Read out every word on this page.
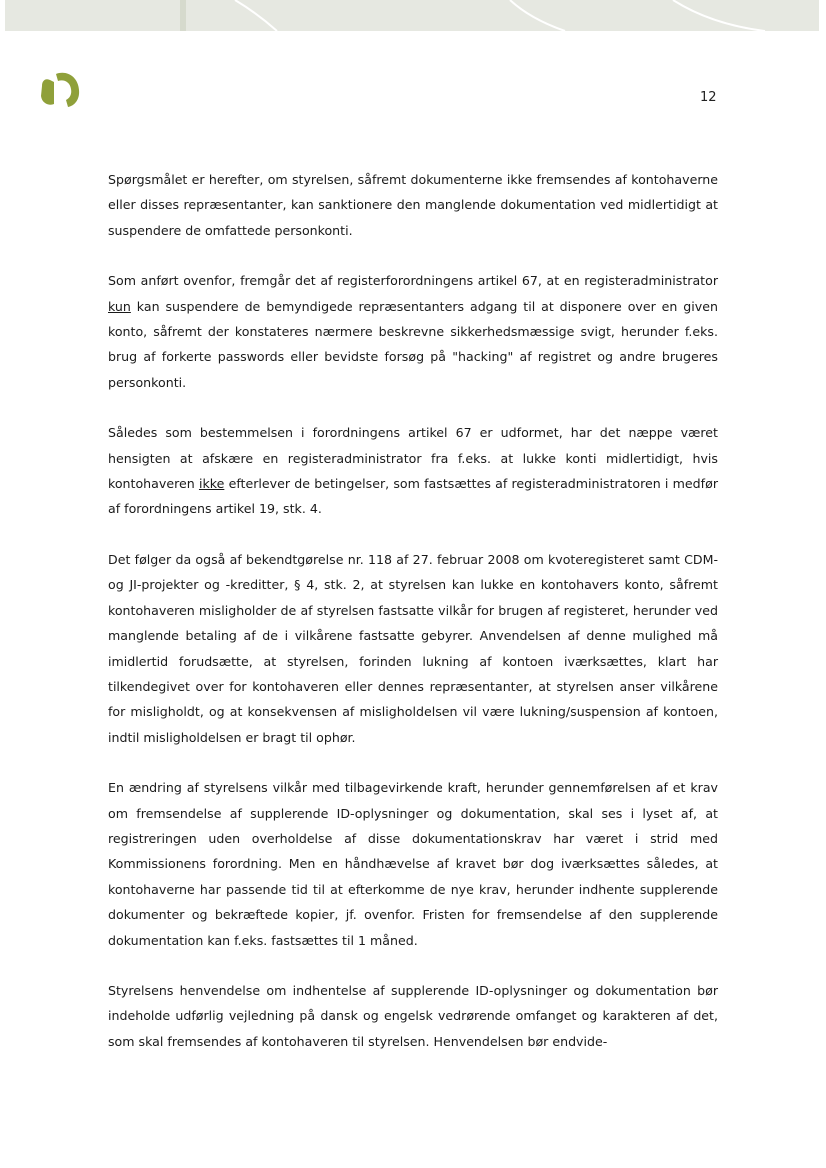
12

Spørgsmålet er herefter, om styrelsen, såfremt dokumenterne ikke fremsendes af kontohaverne eller disses repræsentanter, kan sanktionere den manglende dokumentation ved midlertidigt at suspendere de omfattede personkonti.

Som anført ovenfor, fremgår det af registerforordningens artikel 67, at en registeradministrator kun kan suspendere de bemyndigede repræsentanters adgang til at disponere over en given konto, såfremt der konstateres nærmere beskrevne sikkerhedsmæssige svigt, herunder f.eks. brug af forkerte passwords eller bevidste forsøg på "hacking" af registret og andre brugeres personkonti.

Således som bestemmelsen i forordningens artikel 67 er udformet, har det næppe været hensigten at afskære en registeradministrator fra f.eks. at lukke konti midlertidigt, hvis kontohaveren ikke efterlever de betingelser, som fastsættes af registeradministratoren i medfør af forordningens artikel 19, stk. 4.

Det følger da også af bekendtgørelse nr. 118 af 27. februar 2008 om kvoteregisteret samt CDM- og JI-projekter og -kreditter, § 4, stk. 2, at styrelsen kan lukke en kontohavers konto, såfremt kontohaveren misligholder de af styrelsen fastsatte vilkår for brugen af registeret, herunder ved manglende betaling af de i vilkårene fastsatte gebyrer. Anvendelsen af denne mulighed må imidlertid forudsætte, at styrelsen, forinden lukning af kontoen iværksættes, klart har tilkendegivet over for kontohaveren eller dennes repræsentanter, at styrelsen anser vilkårene for misligholdt, og at konsekvensen af misligholdelsen vil være lukning/suspension af kontoen, indtil misligholdelsen er bragt til ophør.

En ændring af styrelsens vilkår med tilbagevirkende kraft, herunder gennemførelsen af et krav om fremsendelse af supplerende ID-oplysninger og dokumentation, skal ses i lyset af, at registreringen uden overholdelse af disse dokumentationskrav har været i strid med Kommissionens forordning. Men en håndhævelse af kravet bør dog iværksættes således, at kontohaverne har passende tid til at efterkomme de nye krav, herunder indhente supplerende dokumenter og bekræftede kopier, jf. ovenfor. Fristen for fremsendelse af den supplerende dokumentation kan f.eks. fastsættes til 1 måned.

Styrelsens henvendelse om indhentelse af supplerende ID-oplysninger og dokumentation bør indeholde udførlig vejledning på dansk og engelsk vedrørende omfanget og karakteren af det, som skal fremsendes af kontohaveren til styrelsen. Henvendelsen bør endvide-
